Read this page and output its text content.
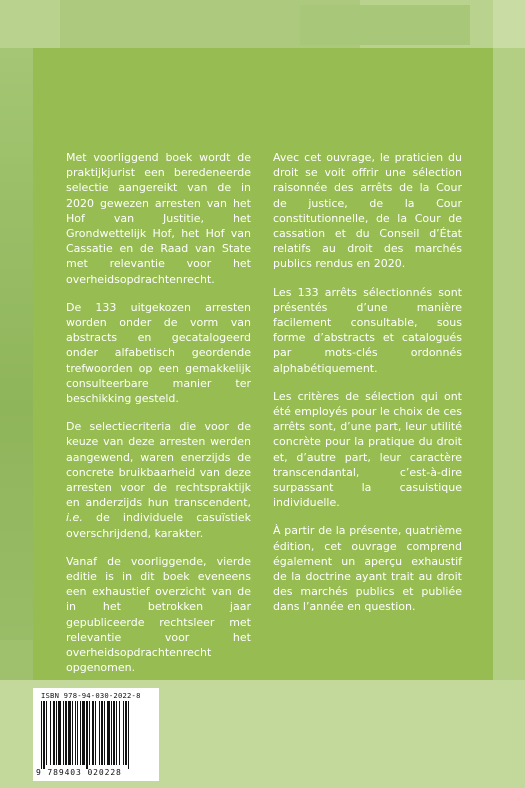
Met voorliggend boek wordt de praktijkjurist een beredeneerde selectie aangereikt van de in 2020 gewezen arresten van het Hof van Justitie, het Grondwettelijk Hof, het Hof van Cassatie en de Raad van State met relevantie voor het overheidsopdrachtenrecht.

De 133 uitgekozen arresten worden onder de vorm van abstracts en gecatalogeerd onder alfabetisch geordende trefwoorden op een gemakkelijk consulteerbare manier ter beschikking gesteld.

De selectiecriteria die voor de keuze van deze arresten werden aangewend, waren enerzijds de concrete bruikbaarheid van deze arresten voor de rechtspraktijk en anderzijds hun transcendent, i.e. de individuele casuïstiek overschrijdend, karakter.

Vanaf de voorliggende, vierde editie is in dit boek eveneens een exhaustief overzicht van de in het betrokken jaar gepubliceerde rechtsleer met relevantie voor het overheidsopdrachtenrecht opgenomen.

Avec cet ouvrage, le praticien du droit se voit offrir une sélection raisonnée des arrêts de la Cour de justice, de la Cour constitutionnelle, de la Cour de cassation et du Conseil d’État relatifs au droit des marchés publics rendus en 2020.

Les 133 arrêts sélectionnés sont présentés d’une manière facilement consultable, sous forme d’abstracts et catalogués par mots-clés ordonnés alphabétiquement.

Les critères de sélection qui ont été employés pour le choix de ces arrêts sont, d’une part, leur utilité concrète pour la pratique du droit et, d’autre part, leur caractère transcendantal, c’est-à-dire surpassant la casuistique individuelle.

À partir de la présente, quatrième édition, cet ouvrage comprend également un aperçu exhaustif de la doctrine ayant trait au droit des marchés publics et publiée dans l’année en question.

ISBN 978-94-030-2022-8
9 789403 020228
